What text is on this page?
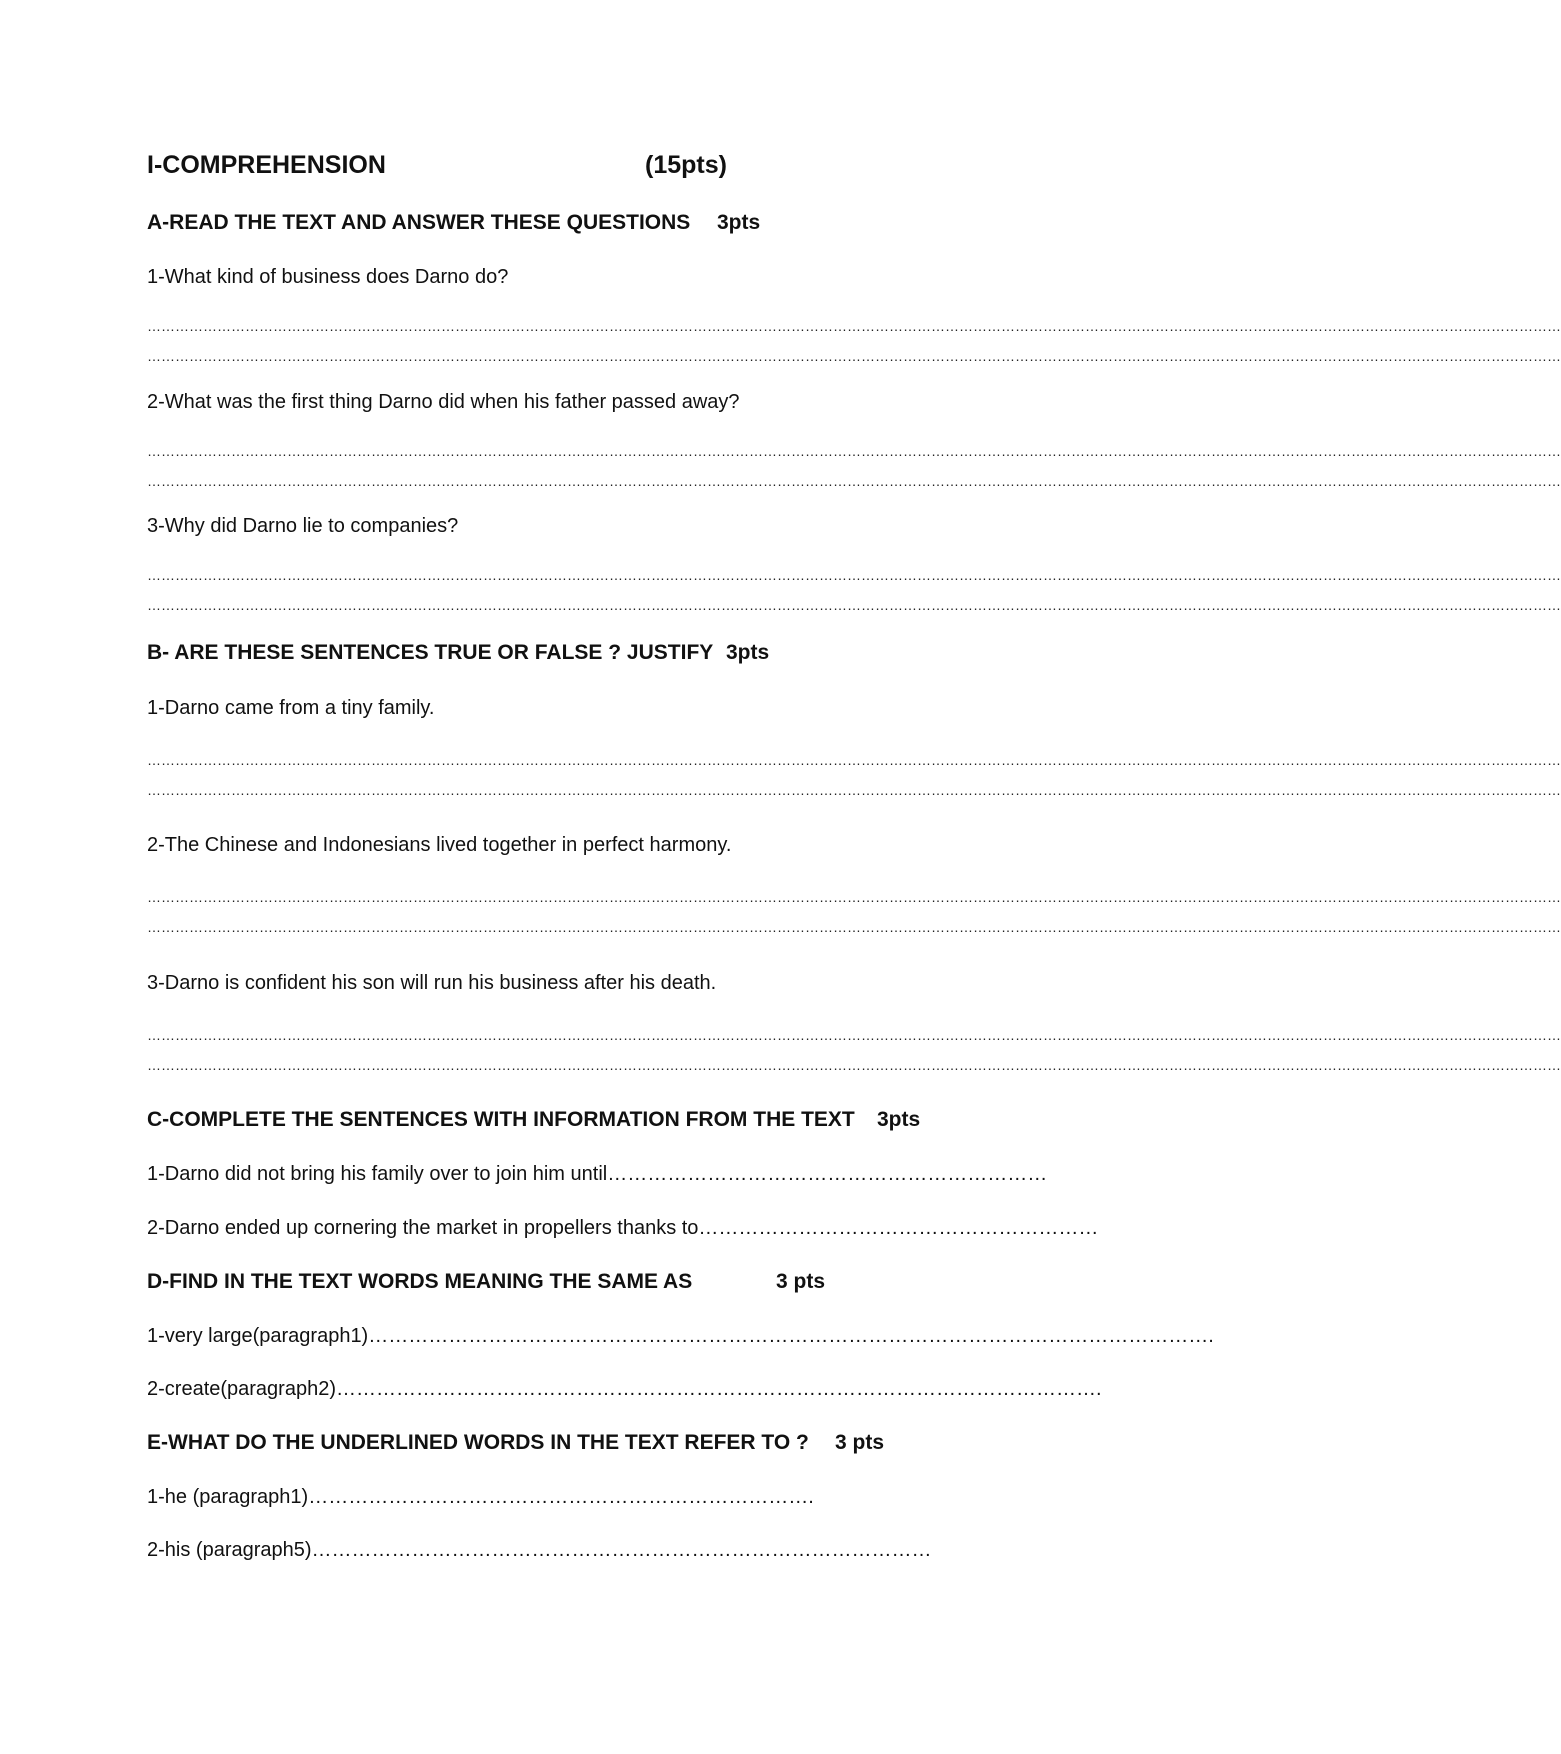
I-COMPREHENSION	(15pts)
A-READ THE TEXT AND ANSWER THESE QUESTIONS 3pts
1-What kind of business does Darno do?
……………………………………………………………………………………………………………………………………………………………………………………………………………………………………………………………………………
……………………………………………………………………………………………………………………………………………………………………………………………………………………………………………………………………………
2-What was the first thing Darno did when his father passed away?
……………………………………………………………………………………………………………………………………………………………………………………………………………………………………………………………………………
……………………………………………………………………………………………………………………………………………………………………………………………………………………………………………………………………………
3-Why did Darno lie to companies?
……………………………………………………………………………………………………………………………………………………………………………………………………………………………………………………………………………
……………………………………………………………………………………………………………………………………………………………………………………………………………………………………………………………………………
B- ARE THESE SENTENCES TRUE OR FALSE ? JUSTIFY 3pts
1-Darno came from a tiny family.
……………………………………………………………………………………………………………………………………………………………………………………………………………………………………………………………………………
……………………………………………………………………………………………………………………………………………………………………………………………………………………………………………………………………………
2-The Chinese and Indonesians lived together in perfect harmony.
……………………………………………………………………………………………………………………………………………………………………………………………………………………………………………………………………………
……………………………………………………………………………………………………………………………………………………………………………………………………………………………………………………………………………
3-Darno is confident his son will run his business after his death.
……………………………………………………………………………………………………………………………………………………………………………………………………………………………………………………………………………
……………………………………………………………………………………………………………………………………………………………………………………………………………………………………………………………………………
C-COMPLETE THE SENTENCES WITH INFORMATION FROM THE TEXT 3pts
1-Darno did not bring his family over to join him until…………………………………………………………
2-Darno ended up cornering the market in propellers thanks to……………………………………………………
D-FIND IN THE TEXT WORDS MEANING THE SAME AS	3 pts
1-very large(paragraph1)……………………………………………………………………………………………………………….
2-create(paragraph2)…………………………………………………………………………………………………….
E-WHAT DO THE UNDERLINED WORDS IN THE TEXT REFER TO ? 3 pts
1-he (paragraph1)………………………………………………………………….
2-his (paragraph5)…………………………………………………………………………………
